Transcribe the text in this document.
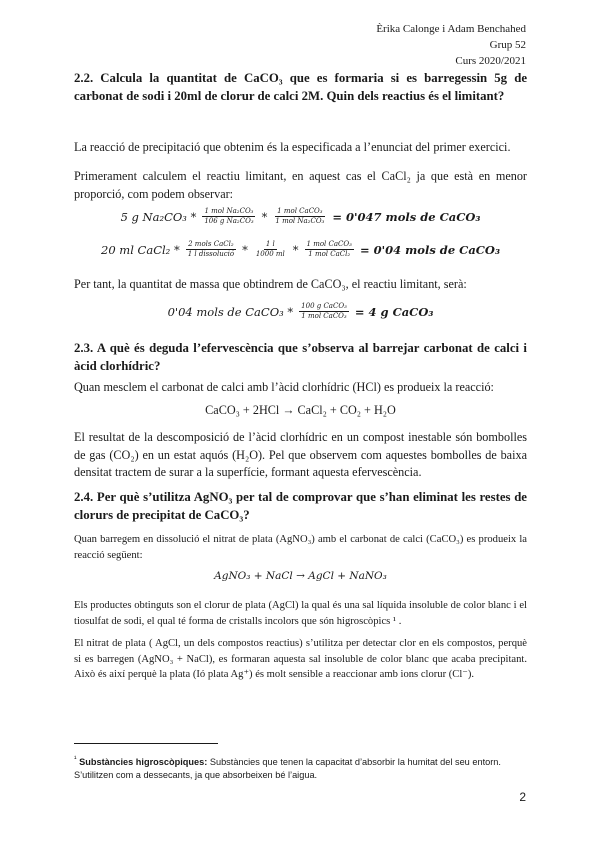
Èrika Calonge i Adam Benchahed
Grup 52
Curs 2020/2021
2.2. Calcula la quantitat de CaCO₃ que es formaria si es barregessin 5g de carbonat de sodi i 20ml de clorur de calci 2M. Quin dels reactius és el limitant?
La reacció de precipitació que obtenim és la especificada a l’enunciat del primer exercici.
Primerament calculem el reactiu limitant, en aquest cas el CaCl₂ ja que està en menor proporció, com podem observar:
5 g $Na_2CO_3 * \frac{\text{1 mol Na₂CO₃}}{\text{106 g Na₂CO₃}} * \frac{\text{1 mol CaCO₃}}{\text{1 mol Na₂CO₃}} = 0'047$ mols de CaCO₃
20 ml CaCl₂ * $\frac{\text{2 mols CaCl₂}}{\text{1 l dissolució}} * \frac{1 l}{1000 ml} * \frac{\text{1 mol CaCO₃}}{\text{1 mol CaCl₂}} = 0'04$ mols de CaCO₃
Per tant, la quantitat de massa que obtindrem de CaCO₃, el reactiu limitant, serà:
0'04 mols de CaCO₃ * $\frac{\text{100 g CaCO₃}}{\text{1 mol CaCO₃}} = 4$ g CaCO₃
2.3. A què és deguda l’efervescència que s’observa al barrejar carbonat de calci i àcid clorhídric?
Quan mesclem el carbonat de calci amb l’àcid clorhídric (HCl) es produeix la reacció:
CaCO₃ + 2HCl → CaCl₂ + CO₂ + H₂O
El resultat de la descomposició de l’àcid clorhídric en un compost inestable són bombolles de gas (CO₂) en un estat aquós (H₂O). Pel que observem com aquestes bombolles de baixa densitat tractem de surar a la superfície, formant aquesta efervescència.
2.4. Per què s’utilitza AgNO₃ per tal de comprovar que s’han eliminat les restes de clorurs de precipitat de CaCO₃?
Quan barregem en dissolució el nitrat de plata (AgNO₃) amb el carbonat de calci (CaCO₃) es produeix la reacció següent:
AgNO₃ + NaCl → AgCl + NaNO₃
Els productes obtinguts son el clorur de plata (AgCl) la qual és una sal líquida insoluble de color blanc i el tiosulfat de sodi, el qual té forma de cristalls incolors que són higroscòpics ¹ .
El nitrat de plata ( AgCl, un dels compostos reactius) s’utilitza per detectar clor en els compostos, perquè si es barregen (AgNO₃ + NaCl), es formaran aquesta sal insoluble de color blanc que acaba precipitant. Això és així perquè la plata (Ió plata Ag⁺) és molt sensible a reaccionar amb ions clorur (Cl⁻).
$^{^1}$ Substàncies higroscòpiques: Substàncies que tenen la capacitat d’absorbir la humitat del seu entorn. S’utilitzen com a dessecants, ja que absorbeixen bé l’aigua.
2
